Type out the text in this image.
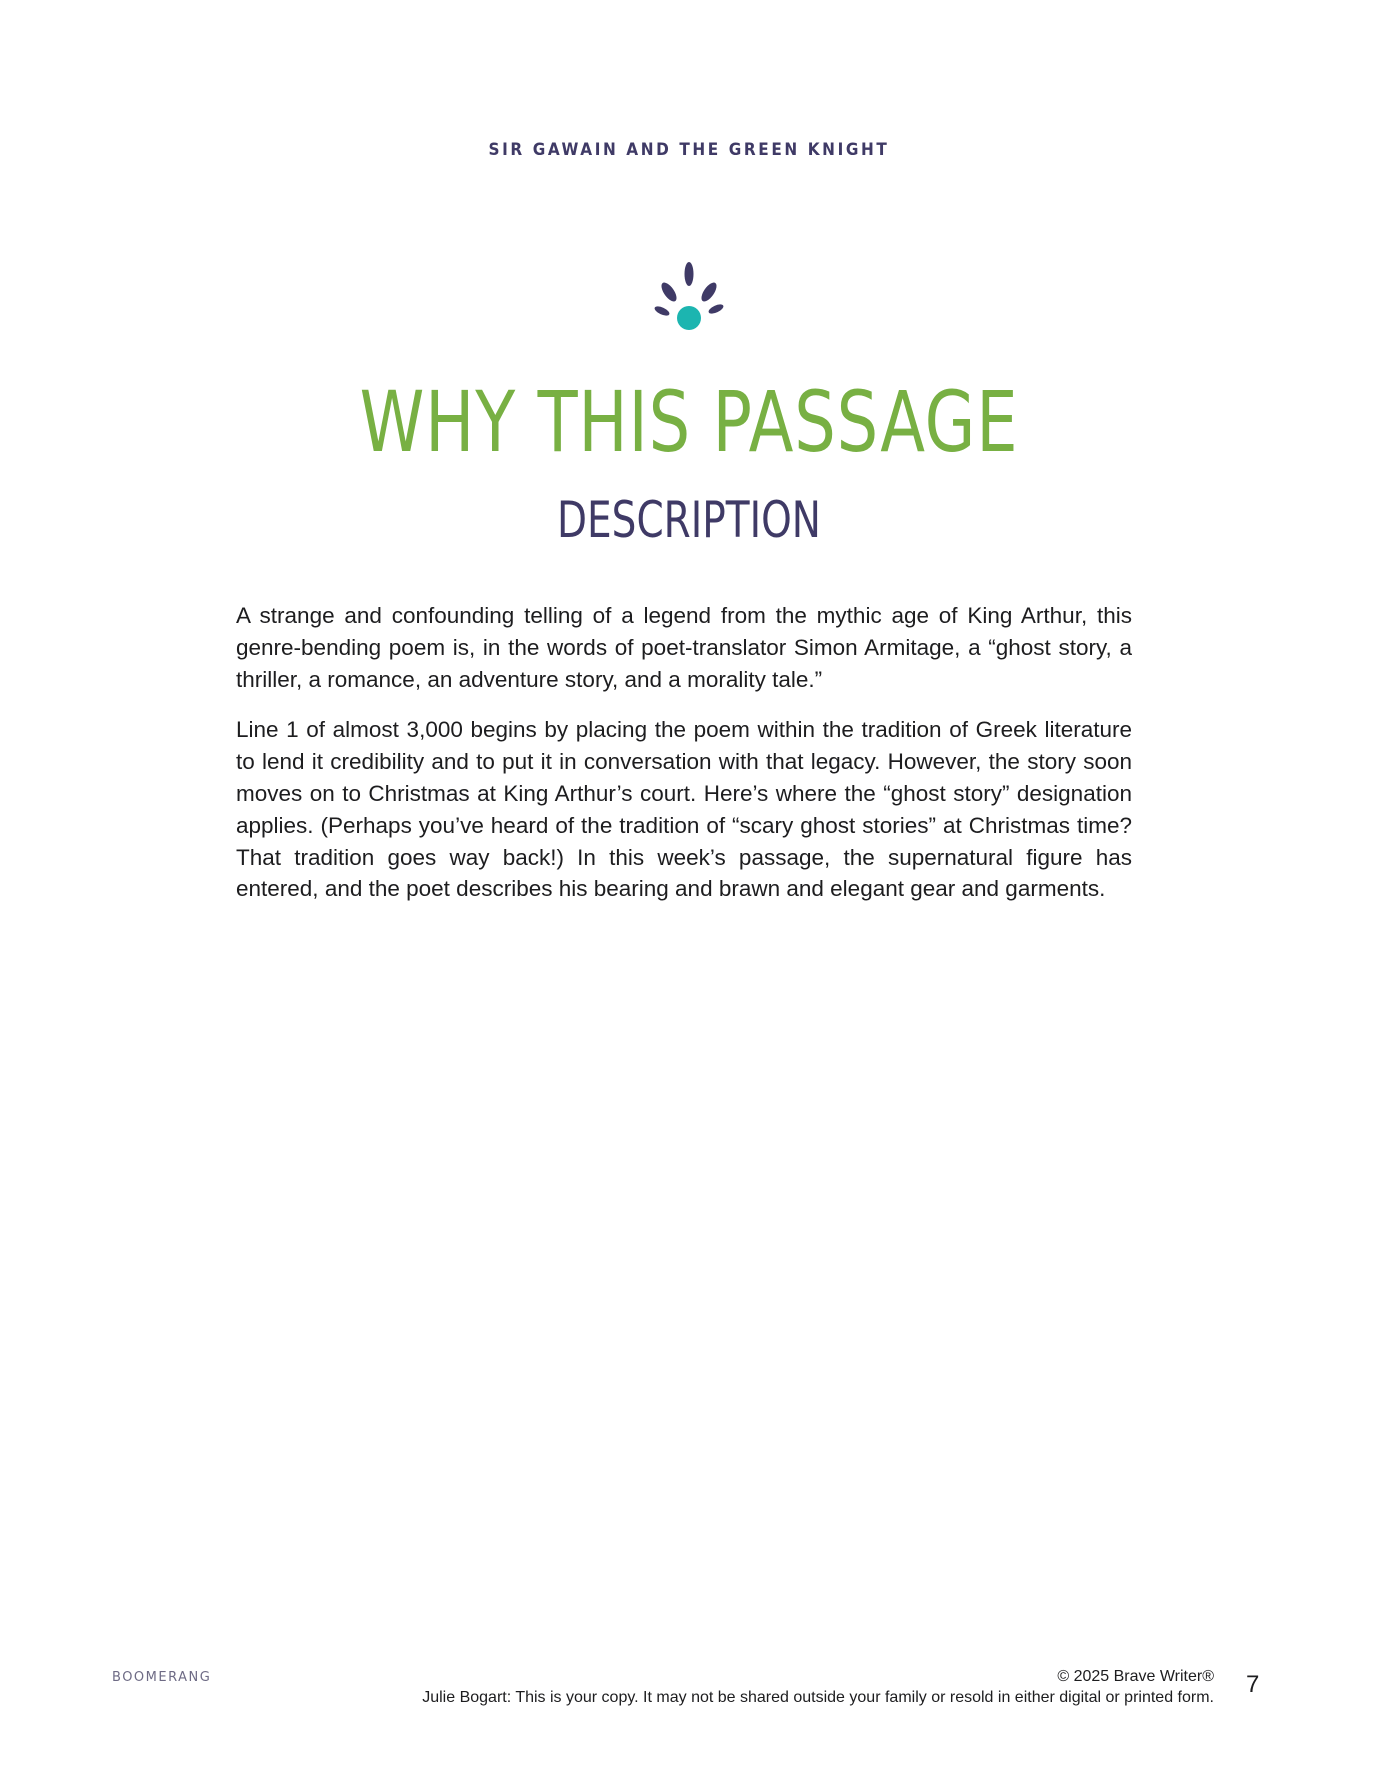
SIR GAWAIN AND THE GREEN KNIGHT
WHY THIS PASSAGE
DESCRIPTION

A strange and confounding telling of a legend from the mythic age of King Arthur, this genre-bending poem is, in the words of poet-translator Simon Armitage, a “ghost story, a thriller, a romance, an adventure story, and a morality tale.”

Line 1 of almost 3,000 begins by placing the poem within the tradition of Greek literature to lend it credibility and to put it in conversation with that legacy. However, the story soon moves on to Christmas at King Arthur’s court. Here’s where the “ghost story” designation applies. (Perhaps you’ve heard of the tradition of “scary ghost stories” at Christmas time? That tradition goes way back!) In this week’s passage, the supernatural figure has entered, and the poet describes his bearing and brawn and elegant gear and garments.

BOOMERANG	© 2025 Brave Writer®
Julie Bogart: This is your copy. It may not be shared outside your family or resold in either digital or printed form. 7
